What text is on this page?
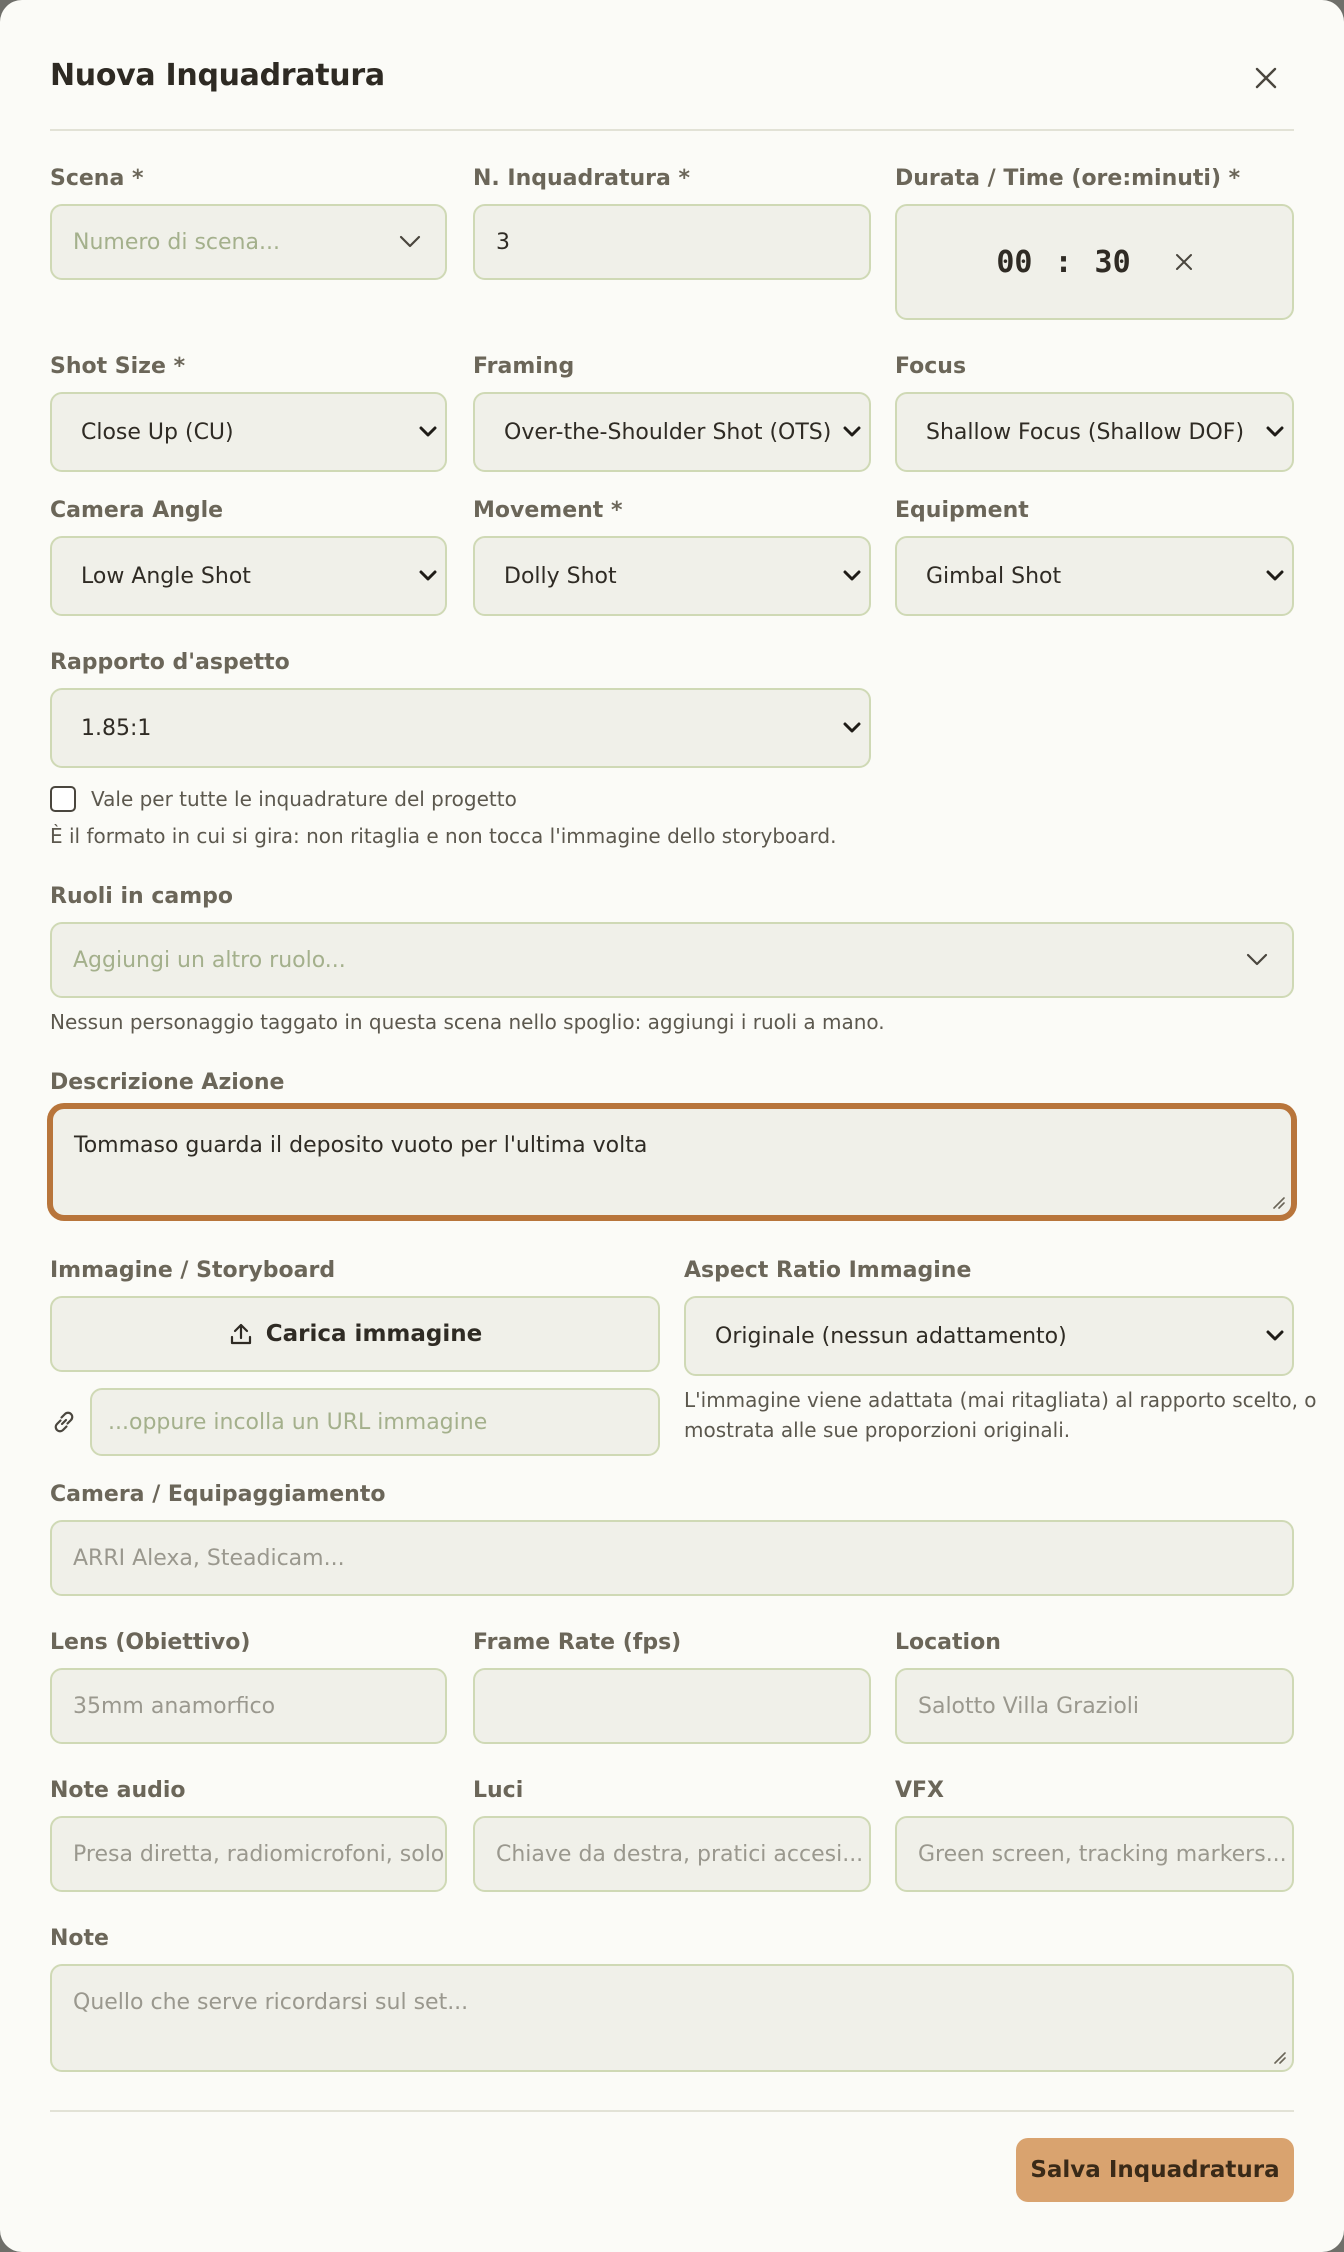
Nuova Inquadratura
Scena *
Numero di scena...
N. Inquadratura *
3
Durata / Time (ore:minuti) *
00 : 30
Shot Size *
Close Up (CU)
Framing
Over-the-Shoulder Shot (OTS)
Focus
Shallow Focus (Shallow DOF)
Camera Angle
Low Angle Shot
Movement *
Dolly Shot
Equipment
Gimbal Shot
Rapporto d'aspetto
1.85:1
Vale per tutte le inquadrature del progetto
È il formato in cui si gira: non ritaglia e non tocca l'immagine dello storyboard.
Ruoli in campo
Aggiungi un altro ruolo...
Nessun personaggio taggato in questa scena nello spoglio: aggiungi i ruoli a mano.
Descrizione Azione
Tommaso guarda il deposito vuoto per l'ultima volta
Immagine / Storyboard
Carica immagine
...oppure incolla un URL immagine
Aspect Ratio Immagine
Originale (nessun adattamento)
L'immagine viene adattata (mai ritagliata) al rapporto scelto, o
mostrata alle sue proporzioni originali.
Camera / Equipaggiamento
ARRI Alexa, Steadicam...
Lens (Obiettivo)
35mm anamorfico
Frame Rate (fps)	Location
Salotto Villa Grazioli
Note audio
Presa diretta, radiomicrofoni, solo
Luci
Chiave da destra, pratici accesi...
VFX
Green screen, tracking markers...
Note
Quello che serve ricordarsi sul set...
Salva Inquadratura
